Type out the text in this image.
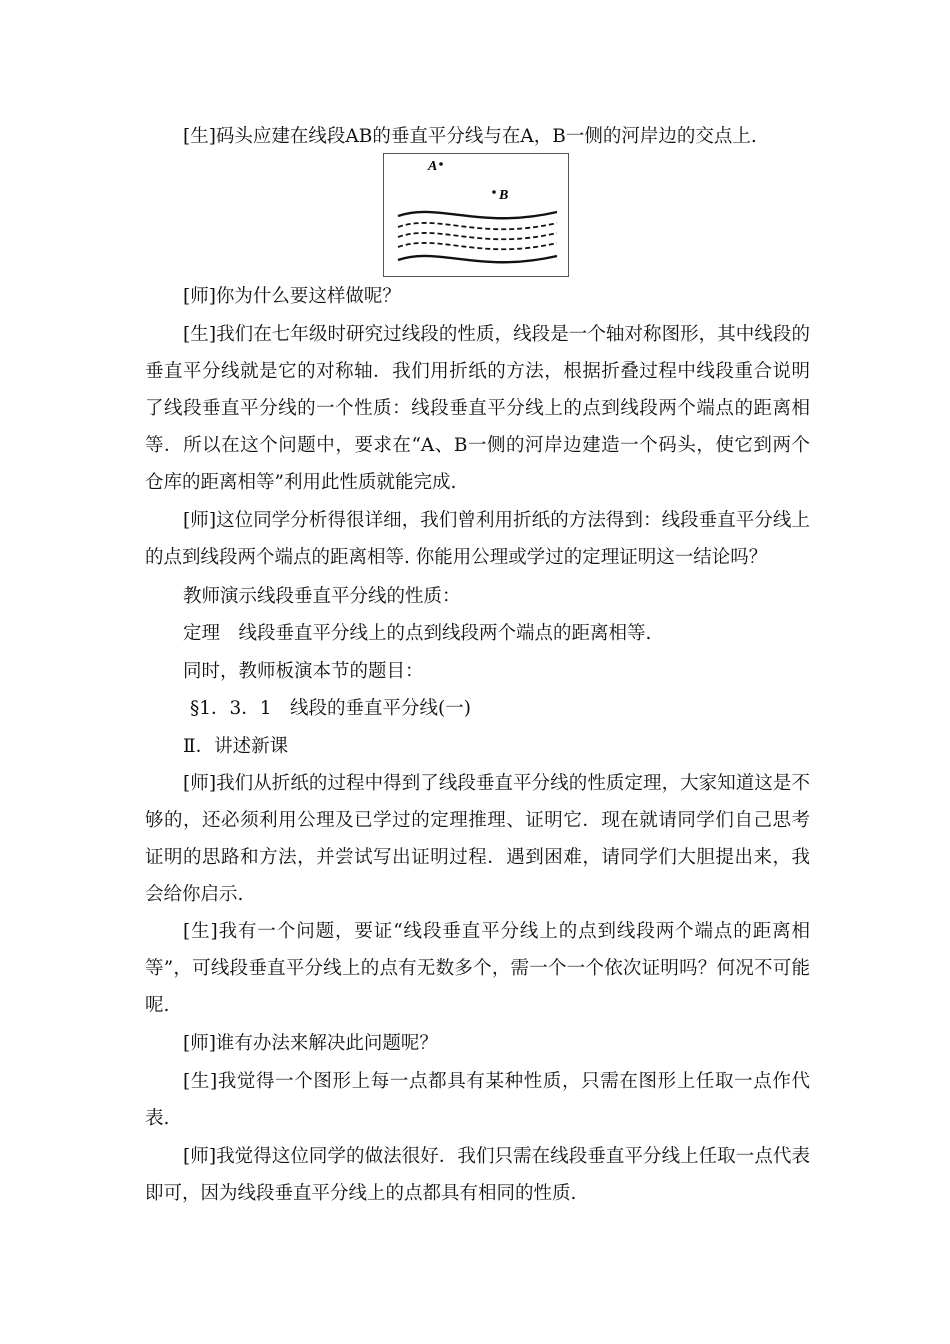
[生]码头应建在线段AB的垂直平分线与在A，B一侧的河岸边的交点上.
A
B
[师]你为什么要这样做呢？

[生]我们在七年级时研究过线段的性质，线段是一个轴对称图形，其中线段的垂直平分线就是它的对称轴．我们用折纸的方法，根据折叠过程中线段重合说明了线段垂直平分线的一个性质：线段垂直平分线上的点到线段两个端点的距离相等．所以在这个问题中，要求在“A、B一侧的河岸边建造一个码头，使它到两个仓库的距离相等”利用此性质就能完成.

[师]这位同学分析得很详细，我们曾利用折纸的方法得到：线段垂直平分线上的点到线段两个端点的距离相等. 你能用公理或学过的定理证明这一结论吗？

教师演示线段垂直平分线的性质：
定理　线段垂直平分线上的点到线段两个端点的距离相等.
同时，教师板演本节的题目：
§1．3．1　线段的垂直平分线(一)
Ⅱ．讲述新课

[师]我们从折纸的过程中得到了线段垂直平分线的性质定理，大家知道这是不够的，还必须利用公理及已学过的定理推理、证明它．现在就请同学们自己思考证明的思路和方法，并尝试写出证明过程．遇到困难，请同学们大胆提出来，我会给你启示.

[生]我有一个问题，要证“线段垂直平分线上的点到线段两个端点的距离相等”，可线段垂直平分线上的点有无数多个，需一个一个依次证明吗？何况不可能呢.

[师]谁有办法来解决此问题呢？

[生]我觉得一个图形上每一点都具有某种性质，只需在图形上任取一点作代表.

[师]我觉得这位同学的做法很好．我们只需在线段垂直平分线上任取一点代表即可，因为线段垂直平分线上的点都具有相同的性质.
